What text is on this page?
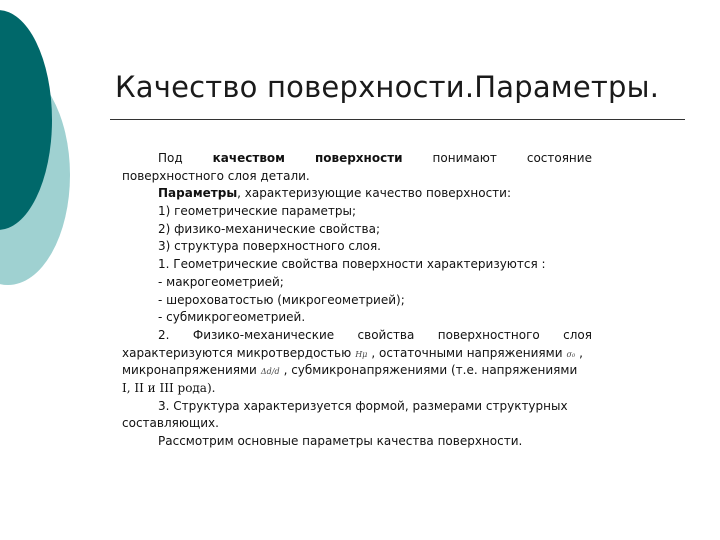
Качество поверхности.Параметры.
Под качеством поверхности понимают состояние
поверхностного слоя детали.
Параметры, характеризующие качество поверхности:
1) геометрические параметры;
2) физико-механические свойства;
3) структура поверхностного слоя.
1. Геометрические свойства поверхности характеризуются :
- макрогеометрией;
- шероховатостью (микрогеометрией);
- субмикрогеометрией.
2. Физико-механические свойства поверхностного слоя
характеризуются микротвердостью Hμ , остаточными напряжениями σ₀ ,
микронапряжениями Δd/d , субмикронапряжениями (т.е. напряжениями
I, II и III рода).
3. Структура характеризуется формой, размерами структурных
составляющих.
Рассмотрим основные параметры качества поверхности.
